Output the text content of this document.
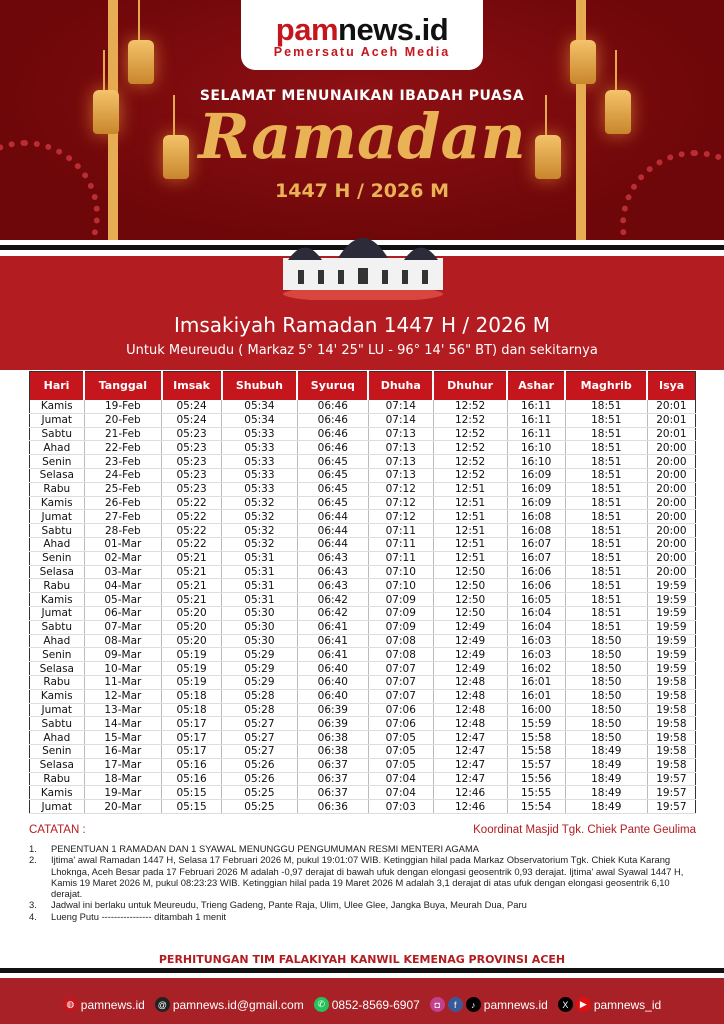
pamnews.id
Pemersatu Aceh Media
SELAMAT MENUNAIKAN IBADAH PUASA
Ramadan
1447 H / 2026 M
Imsakiyah Ramadan 1447 H / 2026 M
Untuk Meureudu ( Markaz 5° 14' 25" LU - 96° 14' 56" BT) dan sekitarnya
Hari	Tanggal	Imsak	Shubuh	Syuruq	Dhuha	Dhuhur	Ashar	Maghrib	Isya
Kamis	19-Feb	05:24	05:34	06:46	07:14	12:52	16:11	18:51	20:01
Jumat	20-Feb	05:24	05:34	06:46	07:14	12:52	16:11	18:51	20:01
Sabtu	21-Feb	05:23	05:33	06:46	07:13	12:52	16:11	18:51	20:01
Ahad	22-Feb	05:23	05:33	06:46	07:13	12:52	16:10	18:51	20:00
Senin	23-Feb	05:23	05:33	06:45	07:13	12:52	16:10	18:51	20:00
Selasa	24-Feb	05:23	05:33	06:45	07:13	12:52	16:09	18:51	20:00
Rabu	25-Feb	05:23	05:33	06:45	07:12	12:51	16:09	18:51	20:00
Kamis	26-Feb	05:22	05:32	06:45	07:12	12:51	16:09	18:51	20:00
Jumat	27-Feb	05:22	05:32	06:44	07:12	12:51	16:08	18:51	20:00
Sabtu	28-Feb	05:22	05:32	06:44	07:11	12:51	16:08	18:51	20:00
Ahad	01-Mar	05:22	05:32	06:44	07:11	12:51	16:07	18:51	20:00
Senin	02-Mar	05:21	05:31	06:43	07:11	12:51	16:07	18:51	20:00
Selasa	03-Mar	05:21	05:31	06:43	07:10	12:50	16:06	18:51	20:00
Rabu	04-Mar	05:21	05:31	06:43	07:10	12:50	16:06	18:51	19:59
Kamis	05-Mar	05:21	05:31	06:42	07:09	12:50	16:05	18:51	19:59
Jumat	06-Mar	05:20	05:30	06:42	07:09	12:50	16:04	18:51	19:59
Sabtu	07-Mar	05:20	05:30	06:41	07:09	12:49	16:04	18:51	19:59
Ahad	08-Mar	05:20	05:30	06:41	07:08	12:49	16:03	18:50	19:59
Senin	09-Mar	05:19	05:29	06:41	07:08	12:49	16:03	18:50	19:59
Selasa	10-Mar	05:19	05:29	06:40	07:07	12:49	16:02	18:50	19:59
Rabu	11-Mar	05:19	05:29	06:40	07:07	12:48	16:01	18:50	19:58
Kamis	12-Mar	05:18	05:28	06:40	07:07	12:48	16:01	18:50	19:58
Jumat	13-Mar	05:18	05:28	06:39	07:06	12:48	16:00	18:50	19:58
Sabtu	14-Mar	05:17	05:27	06:39	07:06	12:48	15:59	18:50	19:58
Ahad	15-Mar	05:17	05:27	06:38	07:05	12:47	15:58	18:50	19:58
Senin	16-Mar	05:17	05:27	06:38	07:05	12:47	15:58	18:49	19:58
Selasa	17-Mar	05:16	05:26	06:37	07:05	12:47	15:57	18:49	19:58
Rabu	18-Mar	05:16	05:26	06:37	07:04	12:47	15:56	18:49	19:57
Kamis	19-Mar	05:15	05:25	06:37	07:04	12:46	15:55	18:49	19:57
Jumat	20-Mar	05:15	05:25	06:36	07:03	12:46	15:54	18:49	19:57
CATATAN :	Koordinat Masjid Tgk. Chiek Pante Geulima
1.	PENENTUAN 1 RAMADAN DAN 1 SYAWAL MENUNGGU PENGUMUMAN RESMI MENTERI AGAMA
2.	Ijtima' awal Ramadan 1447 H, Selasa 17 Februari 2026 M, pukul 19:01:07 WIB. Ketinggian hilal pada Markaz Observatorium Tgk. Chiek Kuta Karang Lhoknga, Aceh Besar pada 17 Februari 2026 M adalah -0,97 derajat di bawah ufuk dengan elongasi geosentrik 0,93 derajat. Ijtima' awal Syawal 1447 H, Kamis 19 Maret 2026 M, pukul 08:23:23 WIB. Ketinggian hilal pada 19 Maret 2026 M adalah 3,1 derajat di atas ufuk dengan elongasi geosentrik 6,10 derajat.
3.	Jadwal ini berlaku untuk Meureudu, Trieng Gadeng, Pante Raja, Ulim, Ulee Glee, Jangka Buya, Meurah Dua, Paru
4.	Lueng Putu ---------------- ditambah 1 menit
PERHITUNGAN TIM FALAKIYAH KANWIL KEMENAG PROVINSI ACEH
◍ pamnews.id	@ pamnews.id@gmail.com	✆ 0852-8569-6907	◘	f	♪ pamnews.id	X	▶ pamnews_id
